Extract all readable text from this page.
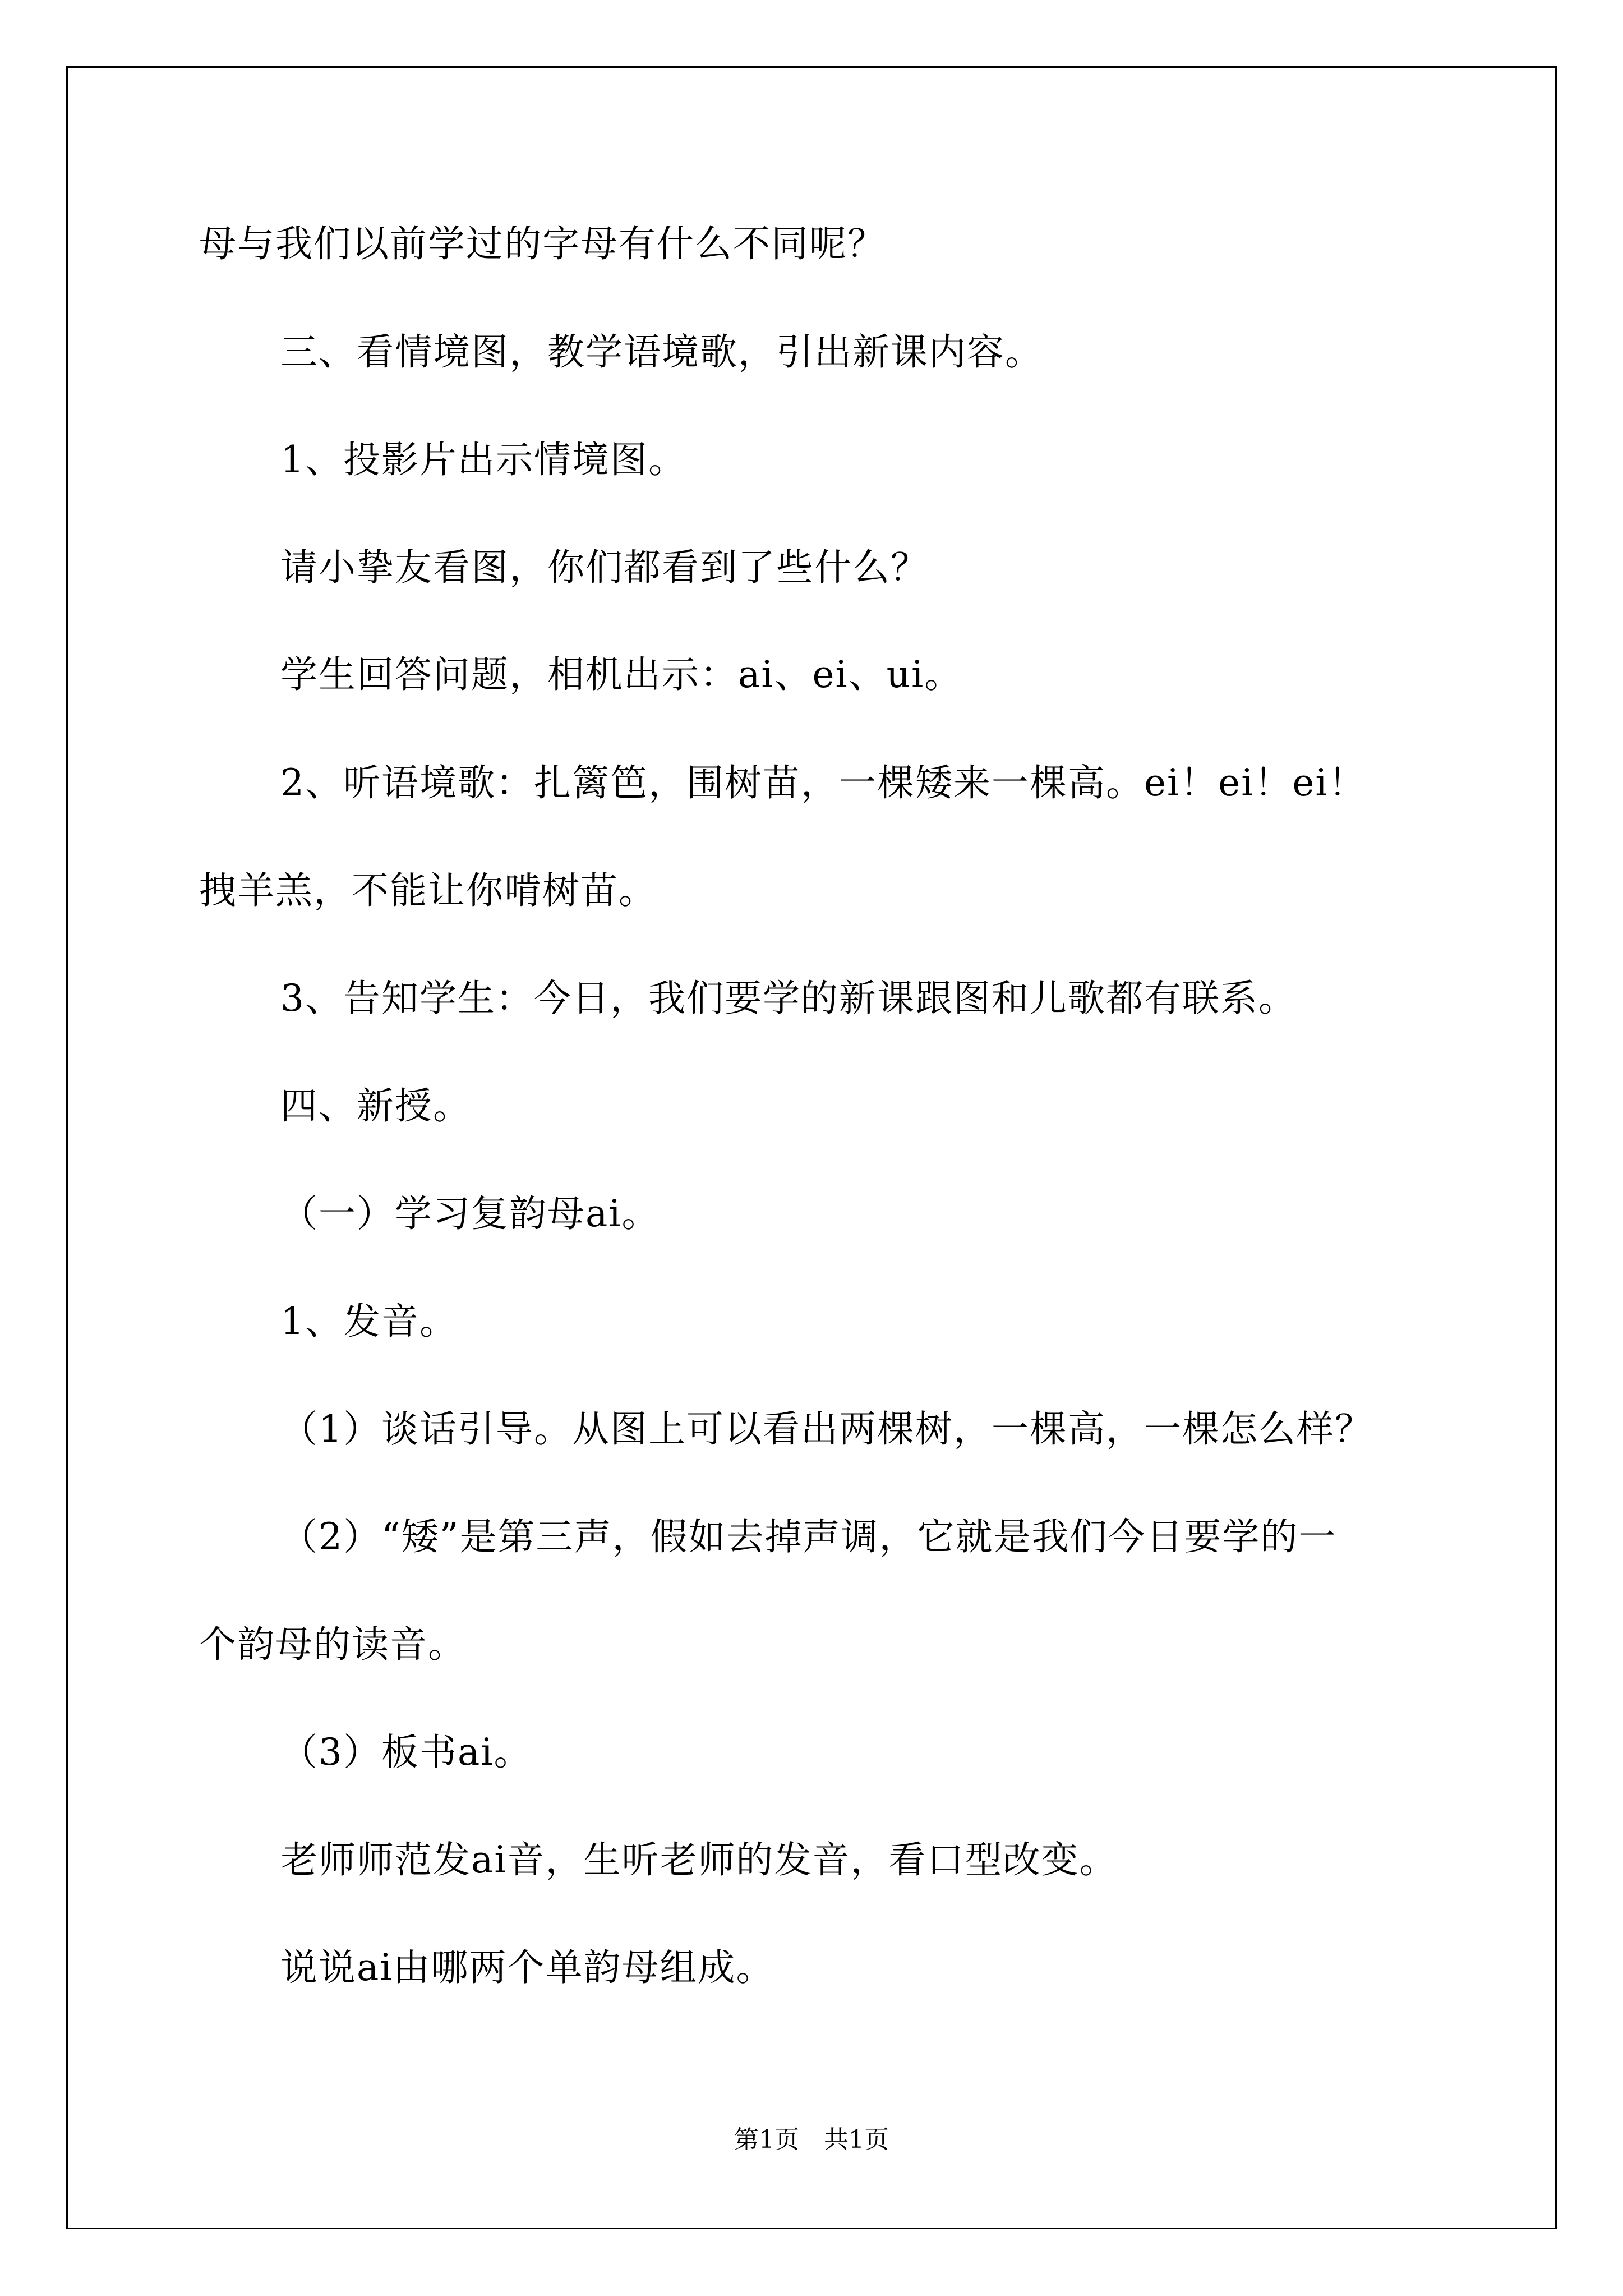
母与我们以前学过的字母有什么不同呢？
三、看情境图，教学语境歌，引出新课内容。
1、投影片出示情境图。
请小挚友看图，你们都看到了些什么？
学生回答问题，相机出示：ai、ei、ui。
2、听语境歌：扎篱笆，围树苗，一棵矮来一棵高。ei！ei！ei！
拽羊羔，不能让你啃树苗。
3、告知学生：今日，我们要学的新课跟图和儿歌都有联系。
四、新授。
（一）学习复韵母ai。
1、发音。
（1）谈话引导。从图上可以看出两棵树，一棵高，一棵怎么样？
（2）“矮”是第三声，假如去掉声调，它就是我们今日要学的一
个韵母的读音。
（3）板书ai。
老师师范发ai音，生听老师的发音，看口型改变。
说说ai由哪两个单韵母组成。
第1页　共1页
